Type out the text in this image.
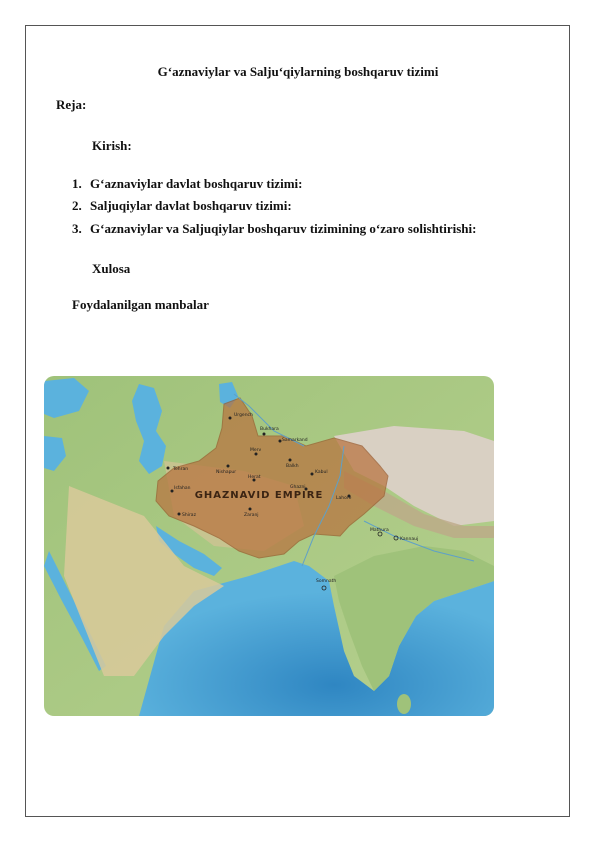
G‘aznaviylar va Salju‘qiylarning boshqaruv tizimi

Reja:

Kirish:

1. G‘aznaviylar davlat boshqaruv tizimi:

2. Saljuqiylar davlat boshqaruv tizimi:

3. G‘aznaviylar va Saljuqiylar boshqaruv tizimining o‘zaro solishtirishi:

Xulosa

Foydalanilgan manbalar

GHAZNAVID EMPIRE
Urgench
Bukhara
Samarkand
Merv
Balkh
Herat
Nishapur
Ghazni
Kabul
Tehran
Isfahan
Shiraz	Zaranj
Lahore
Mathura
Kannauj
Somnath
